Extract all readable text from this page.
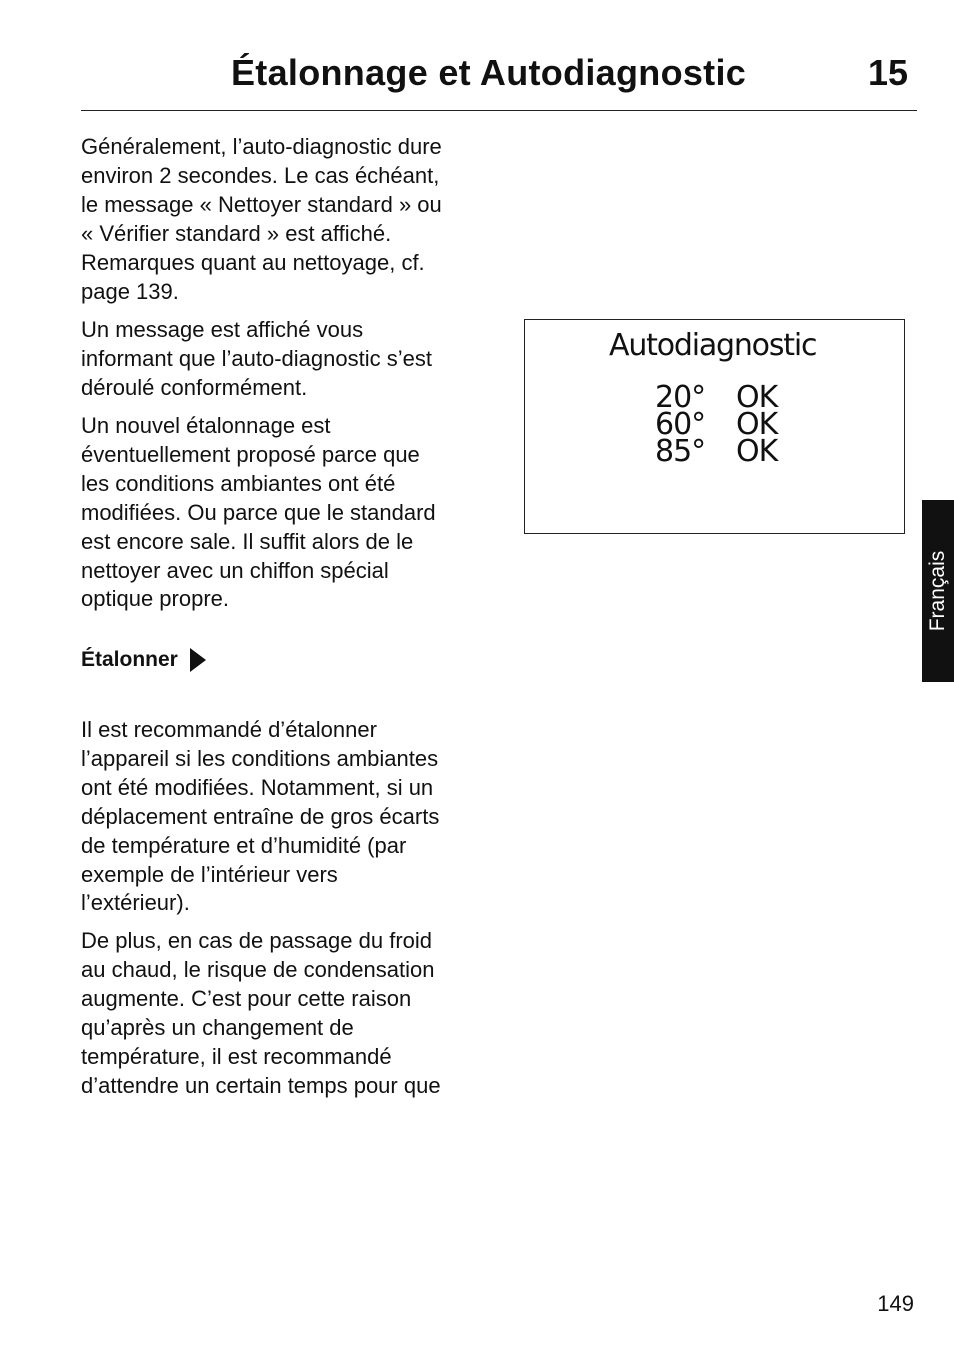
Étalonnage et Autodiagnostic	15

Généralement, l’auto-diagnostic dure
environ 2 secondes. Le cas échéant,
le message « Nettoyer standard » ou
« Vérifier standard » est affiché.
Remarques quant au nettoyage, cf.
page 139.

Un message est affiché vous
informant que l’auto-diagnostic s’est
déroulé conformément.

Un nouvel étalonnage est
éventuellement proposé parce que
les conditions ambiantes ont été
modifiées. Ou parce que le standard
est encore sale. Il suffit alors de le
nettoyer avec un chiffon spécial
optique propre.

Étalonner

Il est recommandé d’étalonner
l’appareil si les conditions ambiantes
ont été modifiées. Notamment, si un
déplacement entraîne de gros écarts
de température et d’humidité (par
exemple de l’intérieur vers
l’extérieur).

De plus, en cas de passage du froid
au chaud, le risque de condensation
augmente. C’est pour cette raison
qu’après un changement de
température, il est recommandé
d’attendre un certain temps pour que

Autodiagnostic
20°	OK
60°	OK
85°	OK
Français
149
